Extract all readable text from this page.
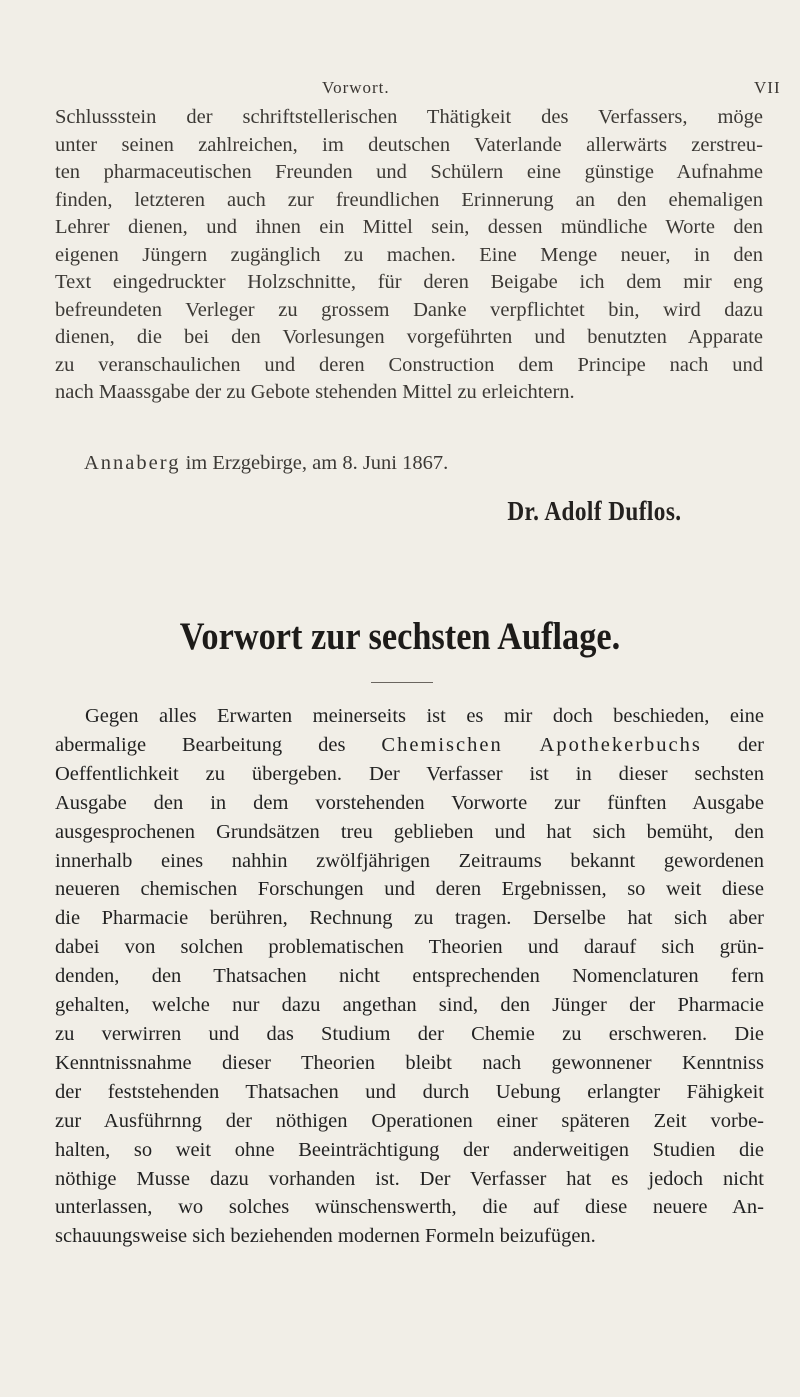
Vorwort.	VII

Schlussstein der schriftstellerischen Thätigkeit des Verfassers, möge
unter seinen zahlreichen, im deutschen Vaterlande allerwärts zerstreu-
ten pharmaceutischen Freunden und Schülern eine günstige Aufnahme
finden, letzteren auch zur freundlichen Erinnerung an den ehemaligen
Lehrer dienen, und ihnen ein Mittel sein, dessen mündliche Worte den
eigenen Jüngern zugänglich zu machen. Eine Menge neuer, in den
Text eingedruckter Holzschnitte, für deren Beigabe ich dem mir eng
befreundeten Verleger zu grossem Danke verpflichtet bin, wird dazu
dienen, die bei den Vorlesungen vorgeführten und benutzten Apparate
zu veranschaulichen und deren Construction dem Principe nach und
nach Maassgabe der zu Gebote stehenden Mittel zu erleichtern.

Annaberg im Erzgebirge, am 8. Juni 1867.
Dr. Adolf Duflos.
Vorwort zur sechsten Auflage.

Gegen alles Erwarten meinerseits ist es mir doch beschieden, eine
abermalige Bearbeitung des Chemischen Apothekerbuchs der
Oeffentlichkeit zu übergeben. Der Verfasser ist in dieser sechsten
Ausgabe den in dem vorstehenden Vorworte zur fünften Ausgabe
ausgesprochenen Grundsätzen treu geblieben und hat sich bemüht, den
innerhalb eines nahhin zwölfjährigen Zeitraums bekannt gewordenen
neueren chemischen Forschungen und deren Ergebnissen, so weit diese
die Pharmacie berühren, Rechnung zu tragen. Derselbe hat sich aber
dabei von solchen problematischen Theorien und darauf sich grün-
denden, den Thatsachen nicht entsprechenden Nomenclaturen fern
gehalten, welche nur dazu angethan sind, den Jünger der Pharmacie
zu verwirren und das Studium der Chemie zu erschweren. Die
Kenntnissnahme dieser Theorien bleibt nach gewonnener Kenntniss
der feststehenden Thatsachen und durch Uebung erlangter Fähigkeit
zur Ausführnng der nöthigen Operationen einer späteren Zeit vorbe-
halten, so weit ohne Beeinträchtigung der anderweitigen Studien die
nöthige Musse dazu vorhanden ist. Der Verfasser hat es jedoch nicht
unterlassen, wo solches wünschenswerth, die auf diese neuere An-
schauungsweise sich beziehenden modernen Formeln beizufügen.
